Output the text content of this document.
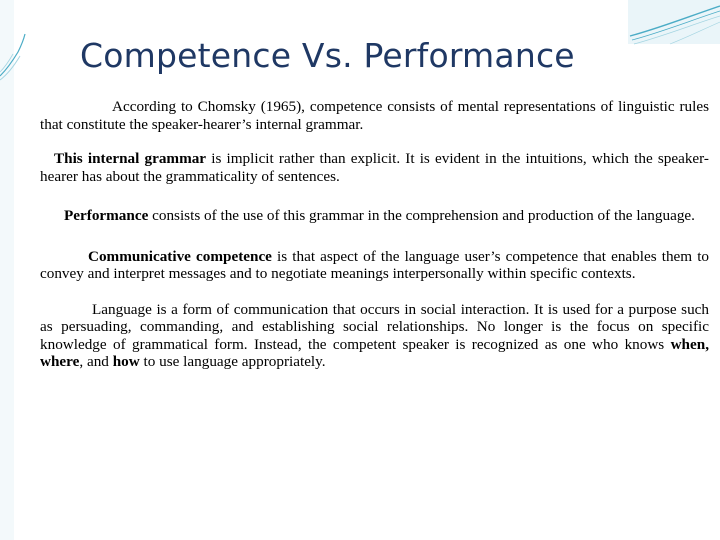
Competence Vs. Performance

According to Chomsky (1965), competence consists of mental representations of linguistic rules that constitute the speaker-hearer’s internal grammar.

This internal grammar is implicit rather than explicit. It is evident in the intuitions, which the speaker-hearer has about the grammaticality of sentences.

Performance consists of the use of this grammar in the comprehension and production of the language.

Communicative competence is that aspect of the language user’s competence that enables them to convey and interpret messages and to negotiate meanings interpersonally within specific contexts.

Language is a form of communication that occurs in social interaction. It is used for a purpose such as persuading, commanding, and establishing social relationships. No longer is the focus on specific knowledge of grammatical form. Instead, the competent speaker is recognized as one who knows when, where, and how to use language appropriately.
